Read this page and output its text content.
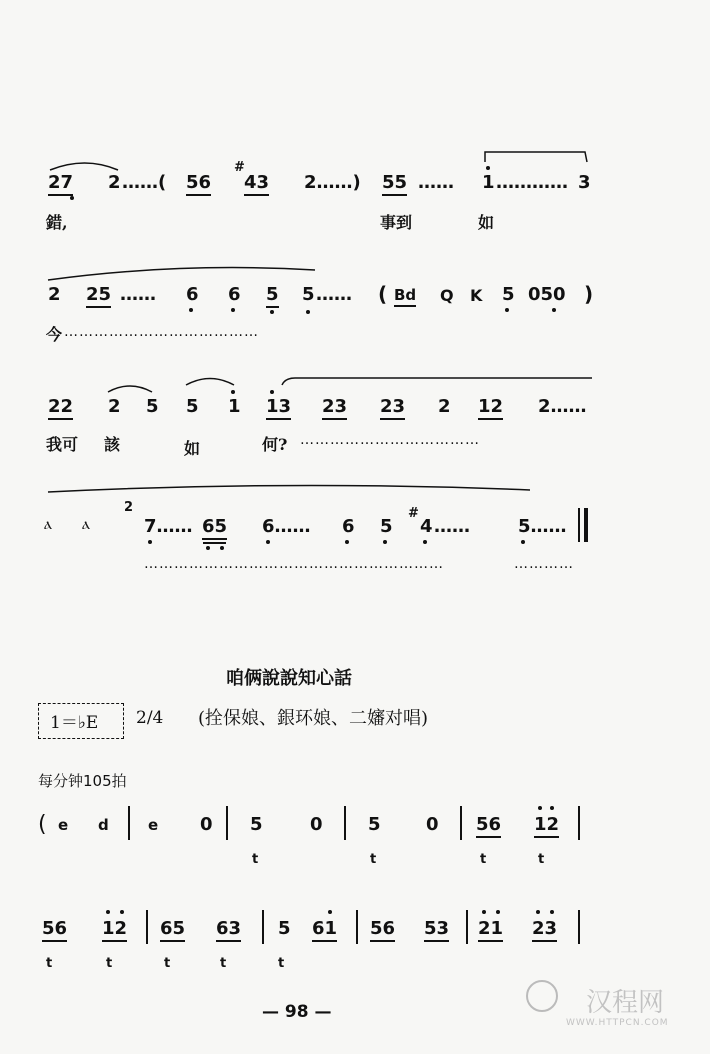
27 2 ……( 56
#
43 2……) 55 …… 1 ………… 3
錯,	事到	如
2 25 …… 6 6 5 5 …… ( Bd Q K 5 050 )
今 …………………………………
22 2 5 5 1 13 23 23 2 12 2……
我可 該	如	何? ………………………………
ⲁ ⲁ
2
7…… 65 6…… 6 5
#
4 ……	5……
……………………………………………………	…………
咱俩說說知心話
1＝♭E 2/4 (拴保娘、銀环娘、二嬸对唱)
每分钟105拍
( e d	e 0 5	0	5	0 56 12
t	t	t	t
56 12 65 63 5 61 56 53 21 23
t	t	t	t	t
— 98 —	汉程网
WWW.HTTPCN.COM
